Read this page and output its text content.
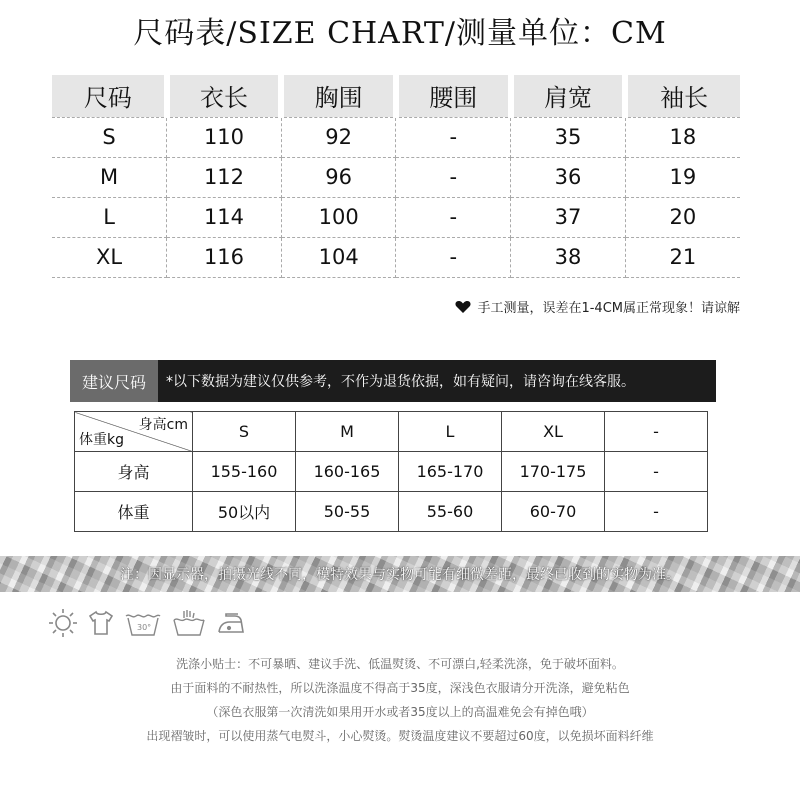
尺码表/SIZE CHART/测量单位：CM
尺码	衣长	胸围	腰围	肩宽	袖长
S	110	92	-	35	18
M	112	96	-	36	19
L	114	100	-	37	20
XL	116	104	-	38	21
手工测量，误差在1-4CM属正常现象！请谅解
建议尺码	*以下数据为建议仅供参考，不作为退货依据，如有疑问，请咨询在线客服。
身高cm
体重kg	S	M	L	XL	-
身高	155-160	160-165	165-170	170-175	-
体重	50以内	50-55	55-60	60-70	-
注：因显示器，拍摄光线不同，模特效果与实物可能有细微差距，最终已收到的实物为准。
30°

洗涤小贴士：不可暴晒、建议手洗、低温熨烫、不可漂白,轻柔洗涤，免于破坏面料。

由于面料的不耐热性，所以洗涤温度不得高于35度，深浅色衣服请分开洗涤，避免粘色

（深色衣服第一次清洗如果用开水或者35度以上的高温难免会有掉色哦）

出现褶皱时，可以使用蒸气电熨斗，小心熨烫。熨烫温度建议不要超过60度，以免损坏面料纤维
